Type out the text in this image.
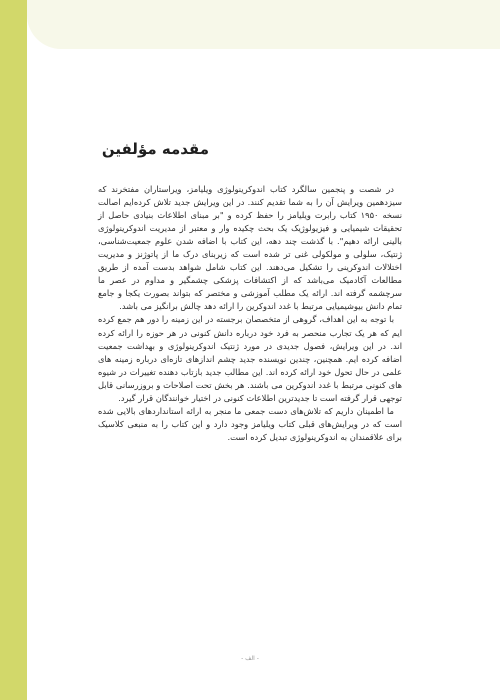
مقدمه مؤلفین

در شصت و پنجمین سالگرد کتاب اندوکرینولوژی ویلیامز، ویراستاران مفتخرند که سیزدهمین ویرایش آن را به شما تقدیم کنند. در این ویرایش جدید تلاش کرده‌ایم اصالت نسخه ۱۹۵۰ کتاب رابرت ویلیامز را حفظ کرده و "بر مبنای اطلاعات بنیادی حاصل از تحقیقات شیمیایی و فیزیولوژیک یک بحث چکیده وار و معتبر از مدیریت اندوکرینولوژی بالینی ارائه دهیم". با گذشت چند دهه، این کتاب با اضافه شدن علوم جمعیت‌شناسی، ژنتیک، سلولی و مولکولی غنی تر شده است که زیربنای درک ما از پاتوژنز و مدیریت اختلالات اندوکرینی را تشکیل می‌دهند. این کتاب شامل شواهد بدست آمده از طریق مطالعات آکادمیک می‌باشد که از اکتشافات پزشکی چشمگیر و مداوم در عصر ما سرچشمه گرفته اند. ارائه یک مطلب آموزشی و مختصر که بتواند بصورت یکجا و جامع تمام دانش بیوشیمیایی مرتبط با غدد اندوکرین را ارائه دهد چالش برانگیز می باشد.

با توجه به این اهداف، گروهی از متخصصان برجسته در این زمینه را دور هم جمع کرده ایم که هر یک تجارب منحصر به فرد خود درباره دانش کنونی در هر حوزه را ارائه کرده اند. در این ویرایش، فصول جدیدی در مورد ژنتیک اندوکرینولوژی و بهداشت جمعیت اضافه کرده ایم. همچنین، چندین نویسنده جدید چشم اندازهای تازه‌ای درباره زمینه های علمی در حال تحول خود ارائه کرده اند. این مطالب جدید بازتاب دهنده تغییرات در شیوه های کنونی مرتبط با غدد اندوکرین می باشند. هر بخش تحت اصلاحات و بروزرسانی قابل توجهی قرار گرفته است تا جدیدترین اطلاعات کنونی در اختیار خوانندگان قرار گیرد.

ما اطمینان داریم که تلاش‌های دست جمعی ما منجر به ارائه استانداردهای بالایی شده است که در ویرایش‌های قبلی کتاب ویلیامز وجود دارد و این کتاب را به منبعی کلاسیک برای علاقمندان به اندوکرینولوژی تبدیل کرده است.

- الف -
